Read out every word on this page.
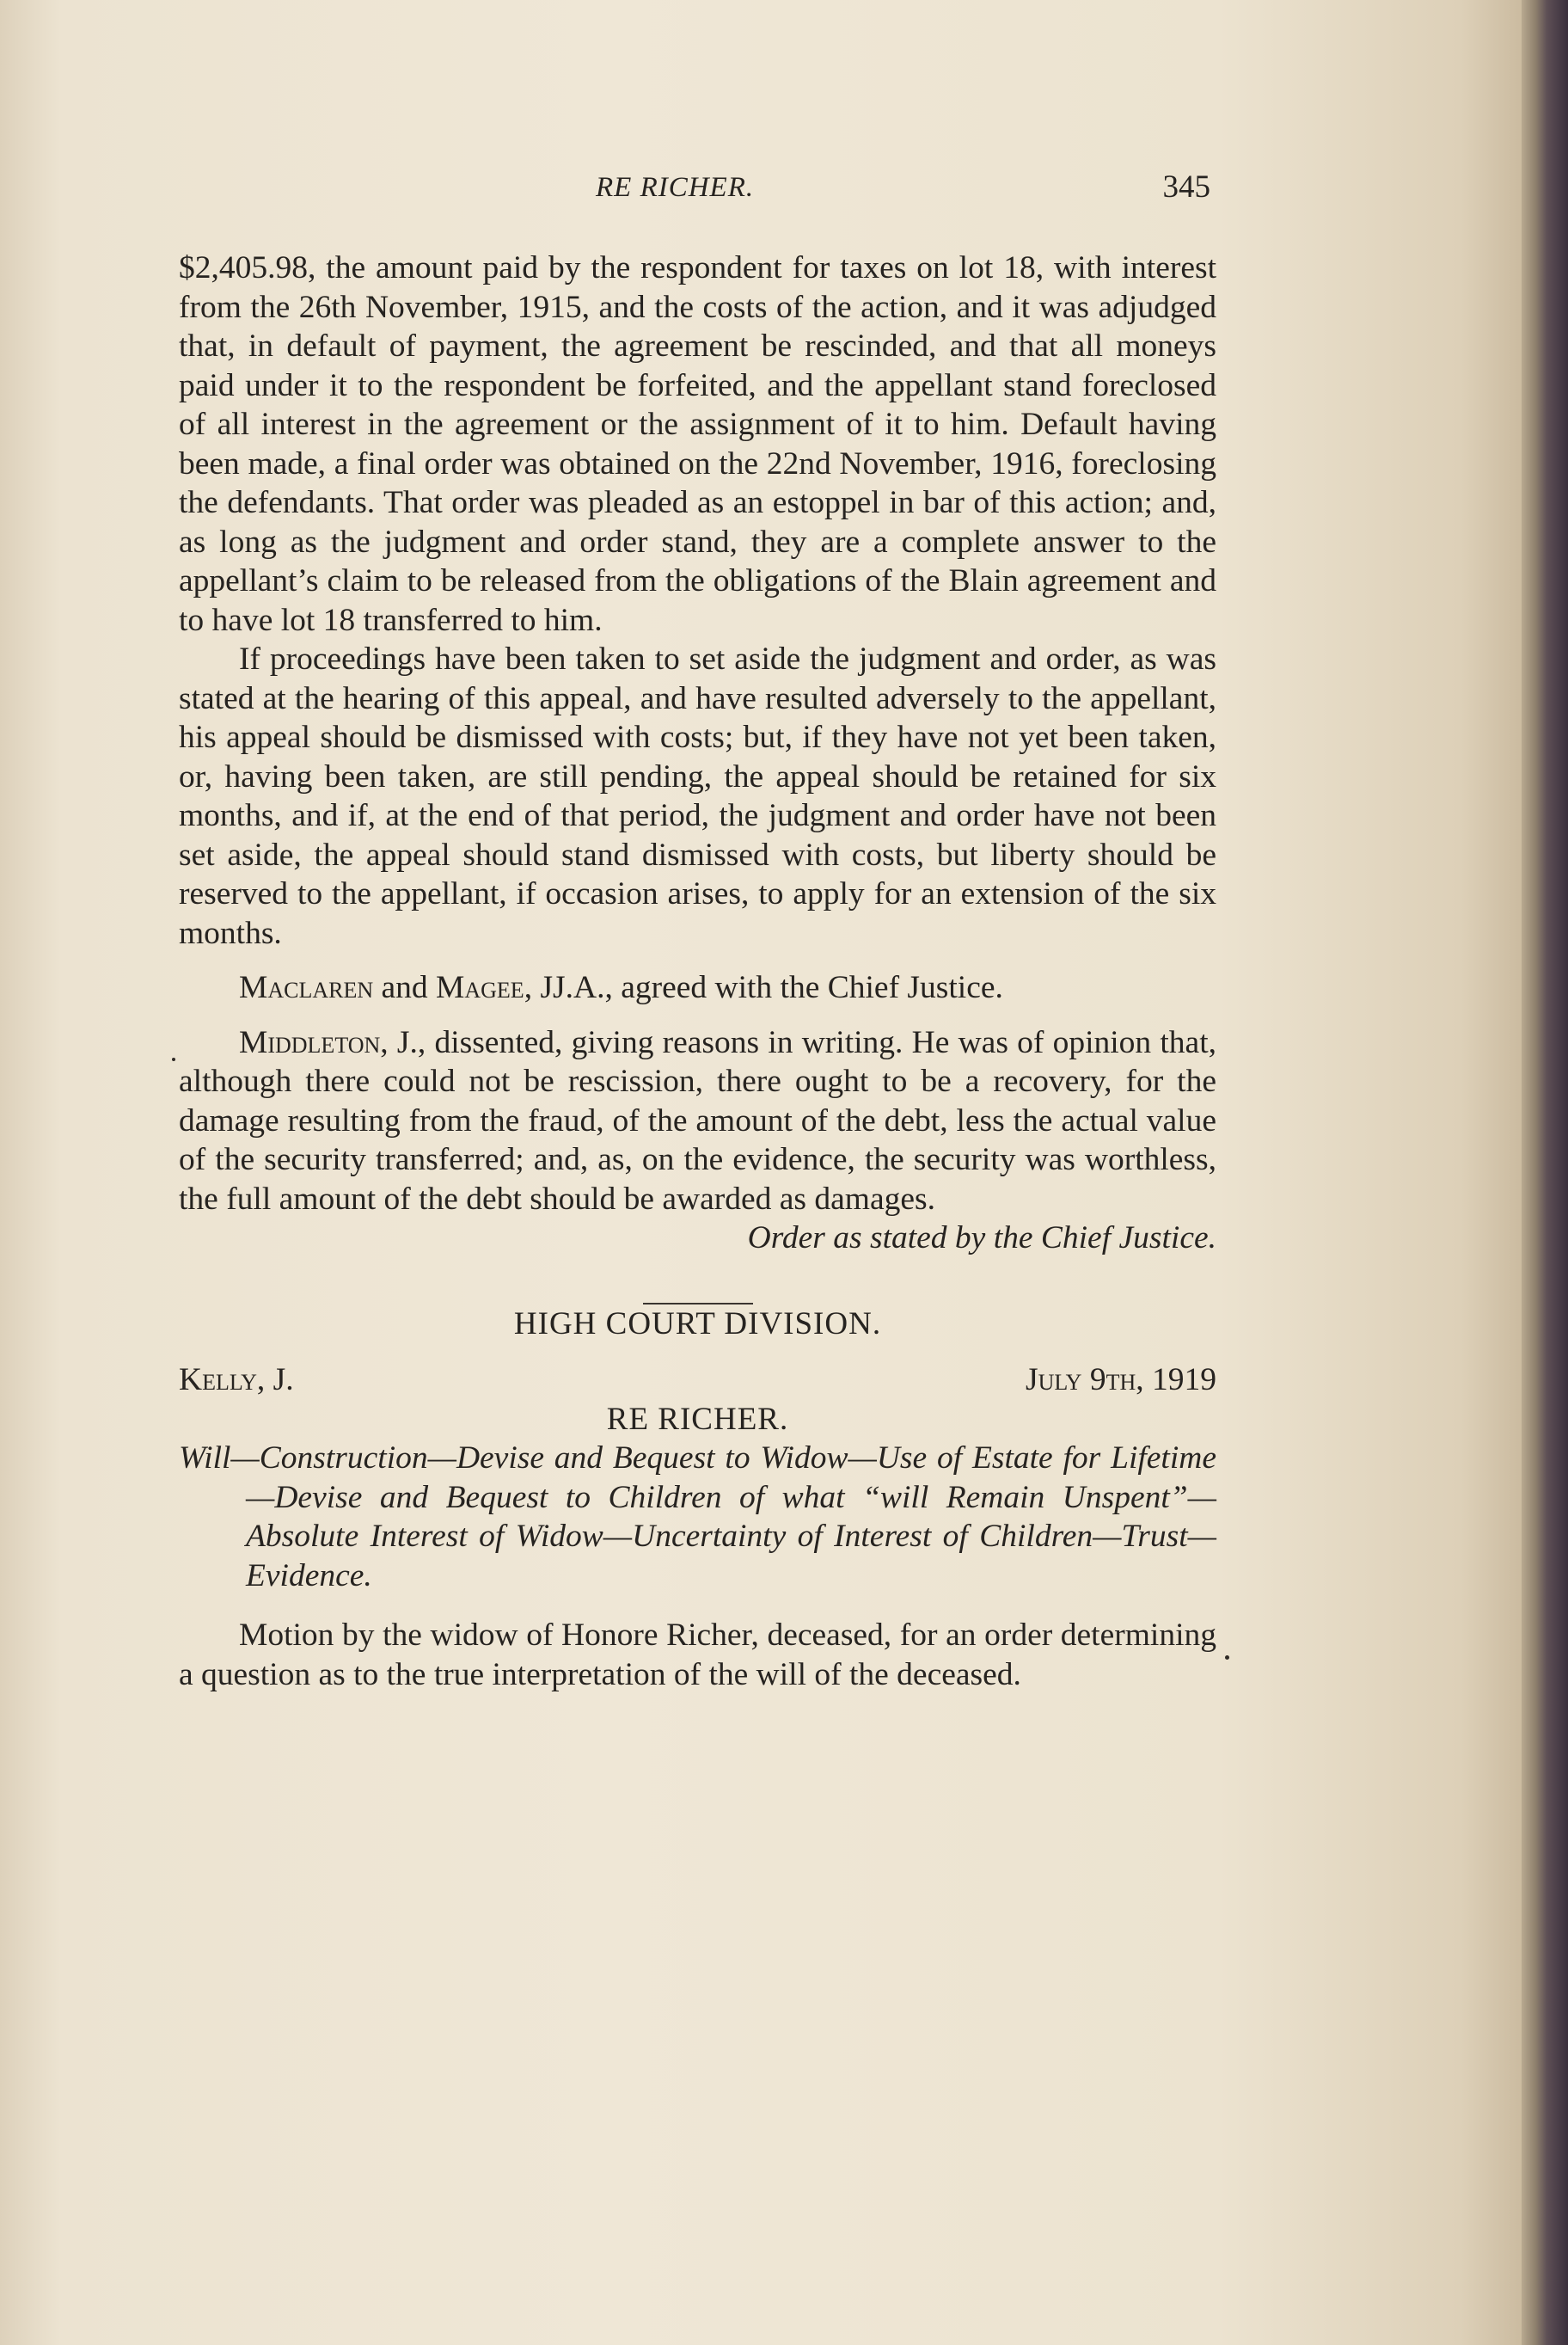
RE RICHER.	345

$2,405.98, the amount paid by the respondent for taxes on lot 18, with interest from the 26th November, 1915, and the costs of the action, and it was adjudged that, in default of payment, the agreement be rescinded, and that all moneys paid under it to the respondent be forfeited, and the appellant stand foreclosed of all interest in the agreement or the assignment of it to him. Default having been made, a final order was obtained on the 22nd November, 1916, foreclosing the defendants. That order was pleaded as an estoppel in bar of this action; and, as long as the judgment and order stand, they are a complete answer to the appellant’s claim to be released from the obligations of the Blain agreement and to have lot 18 transferred to him.

If proceedings have been taken to set aside the judgment and order, as was stated at the hearing of this appeal, and have resulted adversely to the appellant, his appeal should be dismissed with costs; but, if they have not yet been taken, or, having been taken, are still pending, the appeal should be retained for six months, and if, at the end of that period, the judgment and order have not been set aside, the appeal should stand dismissed with costs, but liberty should be reserved to the appellant, if occasion arises, to apply for an extension of the six months.

Maclaren and Magee, JJ.A., agreed with the Chief Justice.

Middleton, J., dissented, giving reasons in writing. He was of opinion that, although there could not be rescission, there ought to be a recovery, for the damage resulting from the fraud, of the amount of the debt, less the actual value of the security transferred; and, as, on the evidence, the security was worthless, the full amount of the debt should be awarded as damages.

Order as stated by the Chief Justice.

HIGH COURT DIVISION.

Kelly, J.	July 9th, 1919

RE RICHER.

Will—Construction—Devise and Bequest to Widow—Use of Estate for Lifetime—Devise and Bequest to Children of what “will Remain Unspent”—Absolute Interest of Widow—Uncertainty of Interest of Children—Trust—Evidence.

Motion by the widow of Honore Richer, deceased, for an order determining a question as to the true interpretation of the will of the deceased.
